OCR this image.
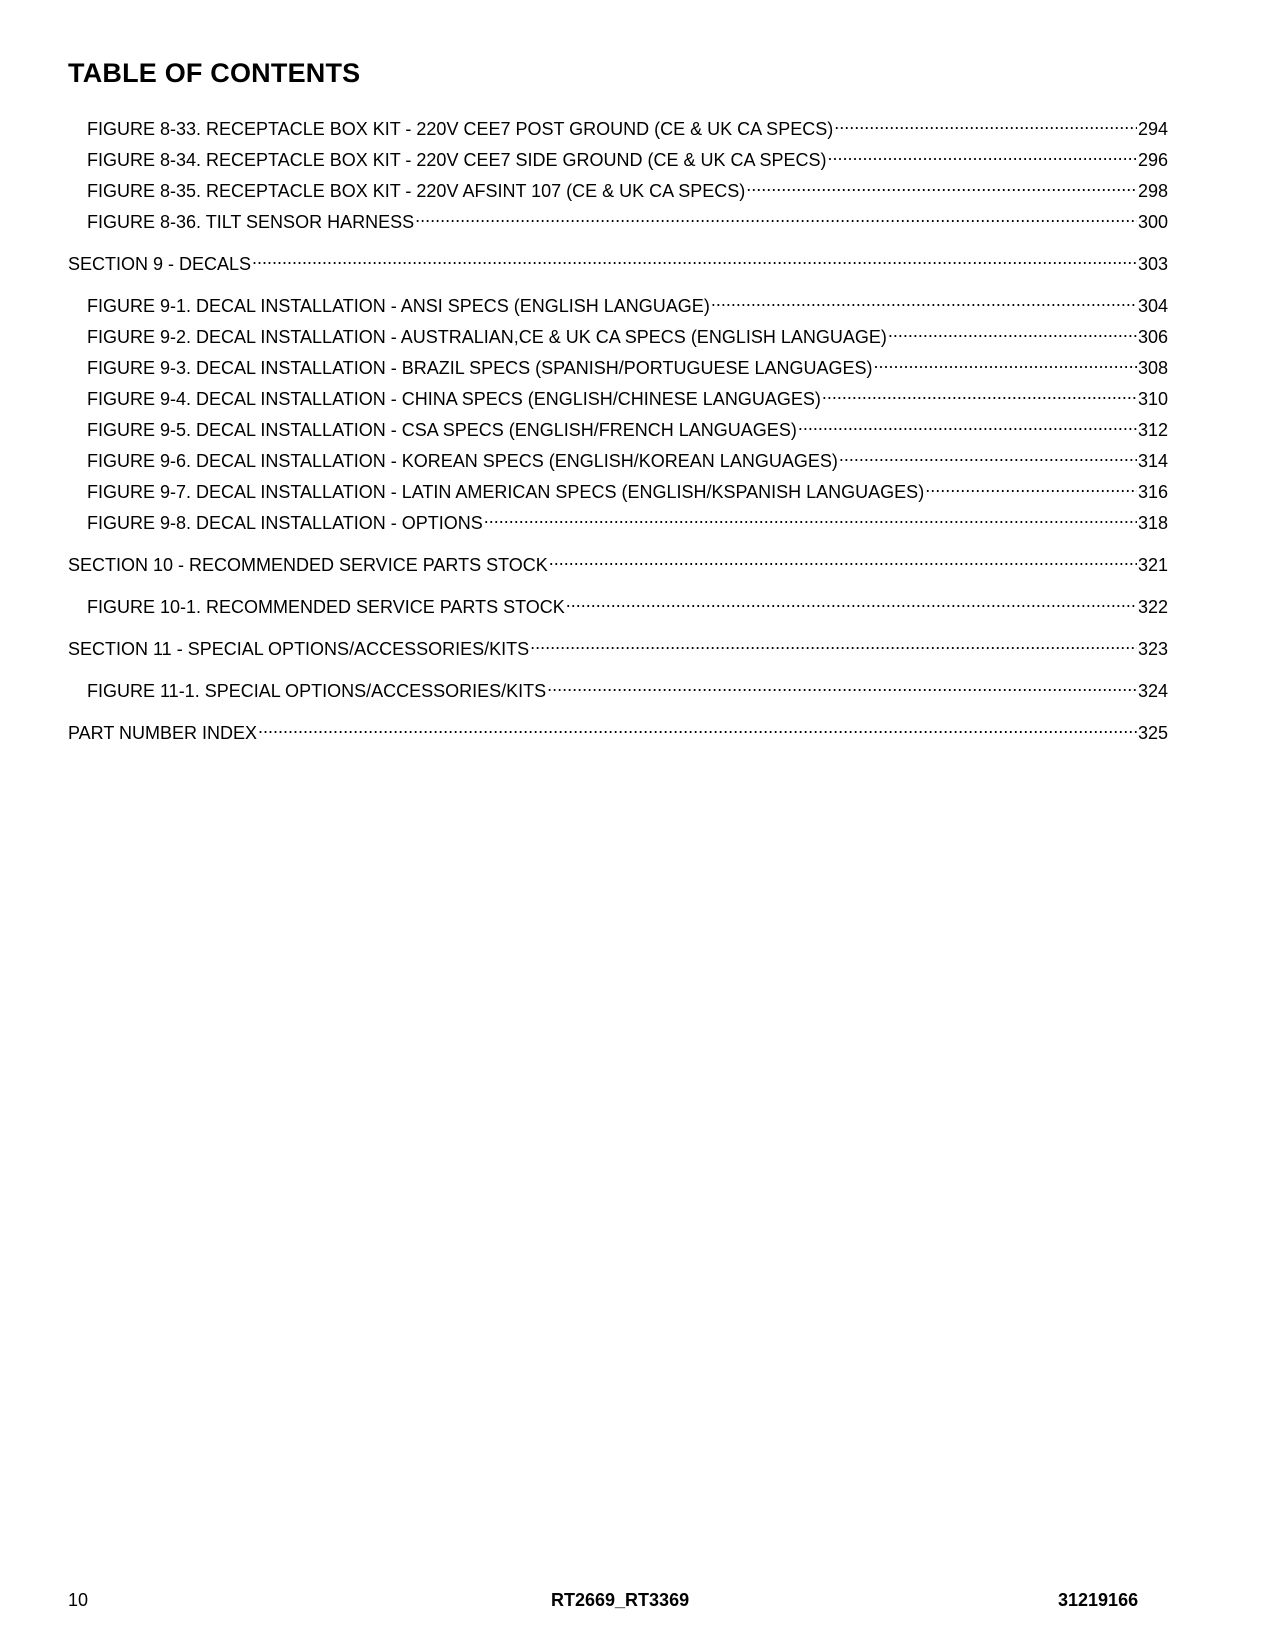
TABLE OF CONTENTS
FIGURE 8-33. RECEPTACLE BOX KIT - 220V CEE7 POST GROUND (CE & UK CA SPECS) .....	294
FIGURE 8-34. RECEPTACLE BOX KIT - 220V CEE7 SIDE GROUND (CE & UK CA SPECS) .....	296
FIGURE 8-35. RECEPTACLE BOX KIT - 220V AFSINT 107 (CE & UK CA SPECS) .....	298
FIGURE 8-36. TILT SENSOR HARNESS .....	300
SECTION 9 - DECALS .....	303
FIGURE 9-1. DECAL INSTALLATION - ANSI SPECS (ENGLISH LANGUAGE) .....	304
FIGURE 9-2. DECAL INSTALLATION - AUSTRALIAN,CE & UK CA SPECS (ENGLISH LANGUAGE) .....	306
FIGURE 9-3. DECAL INSTALLATION - BRAZIL SPECS (SPANISH/PORTUGUESE LANGUAGES) .....	308
FIGURE 9-4. DECAL INSTALLATION - CHINA SPECS (ENGLISH/CHINESE LANGUAGES) .....	310
FIGURE 9-5. DECAL INSTALLATION - CSA SPECS (ENGLISH/FRENCH LANGUAGES) .....	312
FIGURE 9-6. DECAL INSTALLATION - KOREAN SPECS (ENGLISH/KOREAN LANGUAGES) .....	314
FIGURE 9-7. DECAL INSTALLATION - LATIN AMERICAN SPECS (ENGLISH/KSPANISH LANGUAGES) .....	316
FIGURE 9-8. DECAL INSTALLATION - OPTIONS .....	318
SECTION 10 - RECOMMENDED SERVICE PARTS STOCK .....	321
FIGURE 10-1. RECOMMENDED SERVICE PARTS STOCK .....	322
SECTION 11 - SPECIAL OPTIONS/ACCESSORIES/KITS .....	323
FIGURE 11-1. SPECIAL OPTIONS/ACCESSORIES/KITS .....	324
PART NUMBER INDEX .....	325
10	RT2669_RT3369	31219166
